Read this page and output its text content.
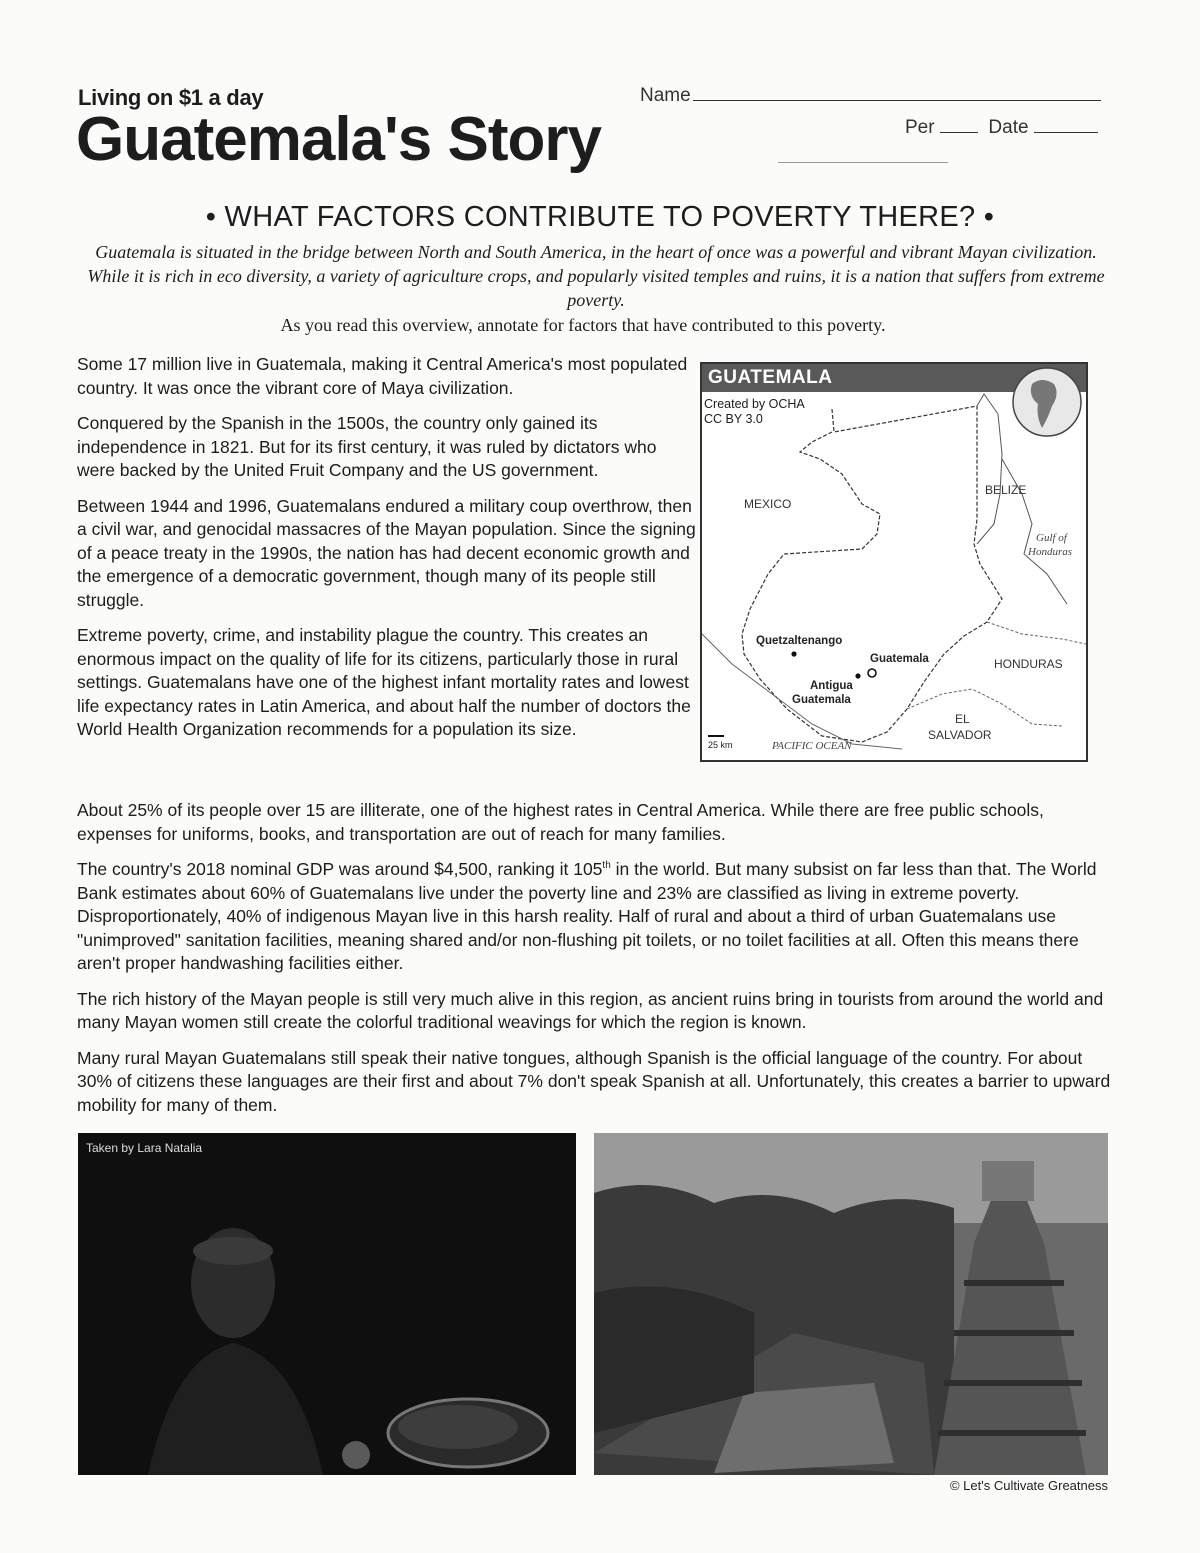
Living on $1 a day
Guatemala's Story
Name
Per	Date
• WHAT FACTORS CONTRIBUTE TO POVERTY THERE? •
Guatemala is situated in the bridge between North and South America, in the heart of once was a powerful and vibrant Mayan civilization. While it is rich in eco diversity, a variety of agriculture crops, and popularly visited temples and ruins, it is a nation that suffers from extreme poverty.
As you read this overview, annotate for factors that have contributed to this poverty.

Some 17 million live in Guatemala, making it Central America's most populated country. It was once the vibrant core of Maya civilization.

Conquered by the Spanish in the 1500s, the country only gained its independence in 1821. But for its first century, it was ruled by dictators who were backed by the United Fruit Company and the US government.

Between 1944 and 1996, Guatemalans endured a military coup overthrow, then a civil war, and genocidal massacres of the Mayan population. Since the signing of a peace treaty in the 1990s, the nation has had decent economic growth and the emergence of a democratic government, though many of its people still struggle.

Extreme poverty, crime, and instability plague the country. This creates an enormous impact on the quality of life for its citizens, particularly those in rural settings. Guatemalans have one of the highest infant mortality rates and lowest life expectancy rates in Latin America, and about half the number of doctors the World Health Organization recommends for a population its size.

GUATEMALA
Created by OCHA
CC BY 3.0
MEXICO
BELIZE
Gulf of
Honduras
HONDURAS
EL
SALVADOR
PACIFIC OCEAN
25 km
Quetzaltenango
Guatemala
Antigua
Guatemala

About 25% of its people over 15 are illiterate, one of the highest rates in Central America. While there are free public schools, expenses for uniforms, books, and transportation are out of reach for many families.

The country's 2018 nominal GDP was around $4,500, ranking it 105th in the world. But many subsist on far less than that. The World Bank estimates about 60% of Guatemalans live under the poverty line and 23% are classified as living in extreme poverty. Disproportionately, 40% of indigenous Mayan live in this harsh reality. Half of rural and about a third of urban Guatemalans use "unimproved" sanitation facilities, meaning shared and/or non-flushing pit toilets, or no toilet facilities at all. Often this means there aren't proper handwashing facilities either.

The rich history of the Mayan people is still very much alive in this region, as ancient ruins bring in tourists from around the world and many Mayan women still create the colorful traditional weavings for which the region is known.

Many rural Mayan Guatemalans still speak their native tongues, although Spanish is the official language of the country. For about 30% of citizens these languages are their first and about 7% don't speak Spanish at all. Unfortunately, this creates a barrier to upward mobility for many of them.

Taken by Lara Natalia
© Let's Cultivate Greatness
